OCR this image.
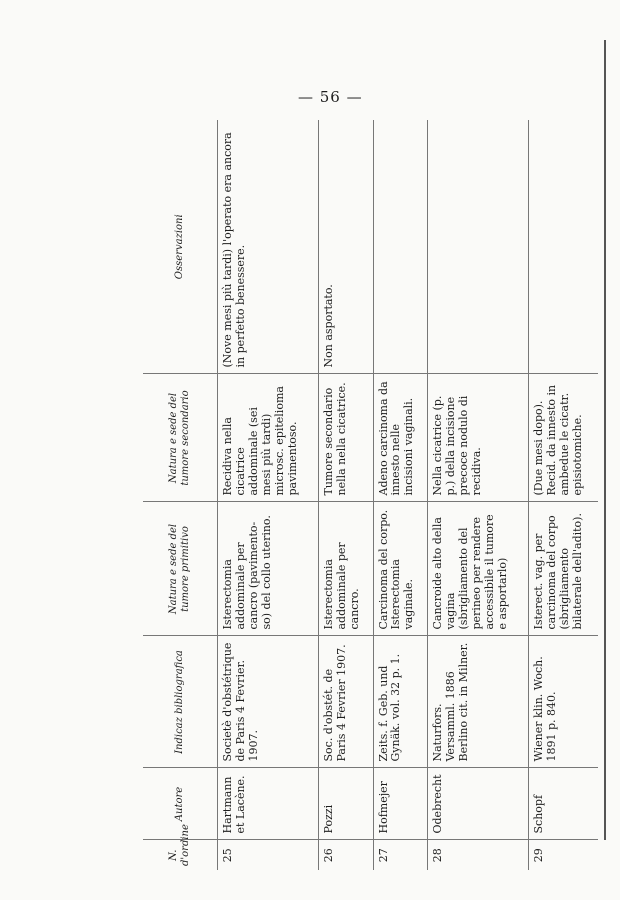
— 56 —
N. d'ordine	Autore	Indicaz bibliografica	Natura e sede del tumore primitivo	Natura e sede del tumore secondario	Osservazioni
25	Hartmann et Lacène.	Societè d'obstétrique de Paris 4 Fevrier. 1907.	Isterectomia addominale per cancro (pavimento-so) del collo uterino.	Recidiva nella cicatrice addominale (sei mesi più tardi) microsc. epitelioma pavimentoso.	(Nove mesi più tardi) l'operato era ancora in perfetto benessere.
26	Pozzi	Soc. d'obstét. de Paris 4 Fevrier 1907.	Isterectomia addominale per cancro.	Tumore secondario nella nella cicatrice.	Non asportato.
27	Hofmejer	Zeits. f. Geb. und Gynäk. vol. 32 p. 1.	Carcinoma del corpo. Isterectomia vaginale.	Adeno carcinoma da innesto nelle incisioni vaginali.	
28	Odebrecht	Naturfors. Versamml. 1886 Berlino cit. in Milner.	Cancroide alto della vagina (sbrigliamento del perineo per rendere accessibile il tumore e asportarlo)	Nella cicatrice (p. p.) della incisione precoce nodulo di recidiva.	
29	Schopf	Wiener klin. Woch. 1891 p. 840.	Isterect. vag. per carcinoma del corpo (sbrigliamento bilaterale dell'adito).	(Due mesi dopo). Recid. da innesto in ambedue le cicatr. episiotomiche.	
